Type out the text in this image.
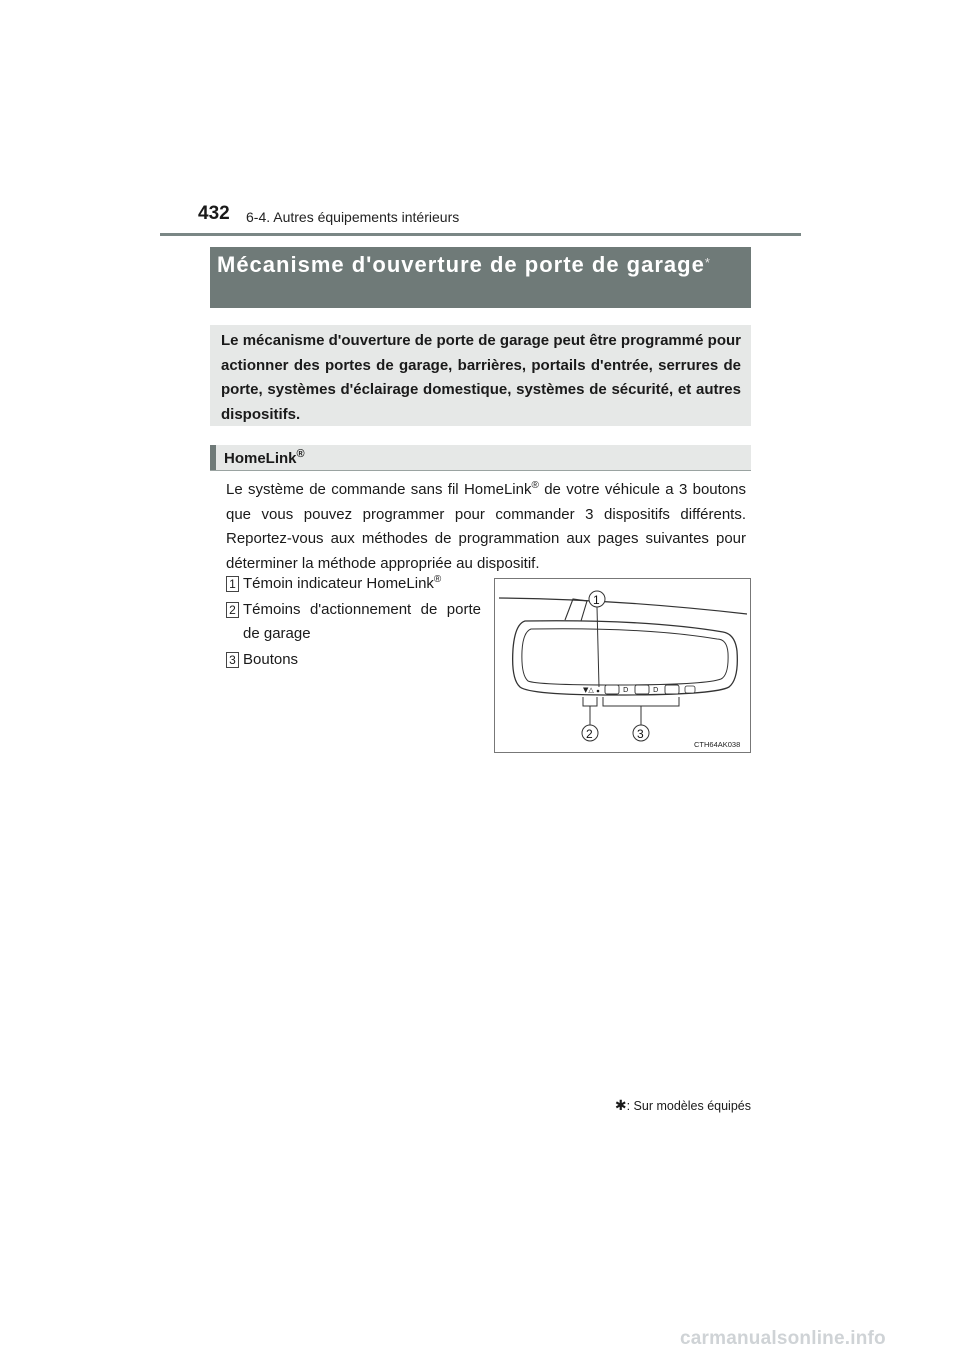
432 6-4. Autres équipements intérieurs
Mécanisme d'ouverture de porte de garage*
Le mécanisme d'ouverture de porte de garage peut être programmé pour actionner des portes de garage, barrières, portails d'entrée, serrures de porte, systèmes d'éclairage domestique, systèmes de sécurité, et autres dispositifs.
HomeLink®
Le système de commande sans fil HomeLink® de votre véhicule a 3 boutons que vous pouvez programmer pour commander 3 dispositifs différents. Reportez-vous aux méthodes de programmation aux pages suivantes pour déterminer la méthode appropriée au dispositif.
1 Témoin indicateur HomeLink®
2 Témoins d'actionnement de porte de garage
3 Boutons
▼△	D	D
1
2	3
CTH64AK038
✱: Sur modèles équipés
carmanualsonline.info
